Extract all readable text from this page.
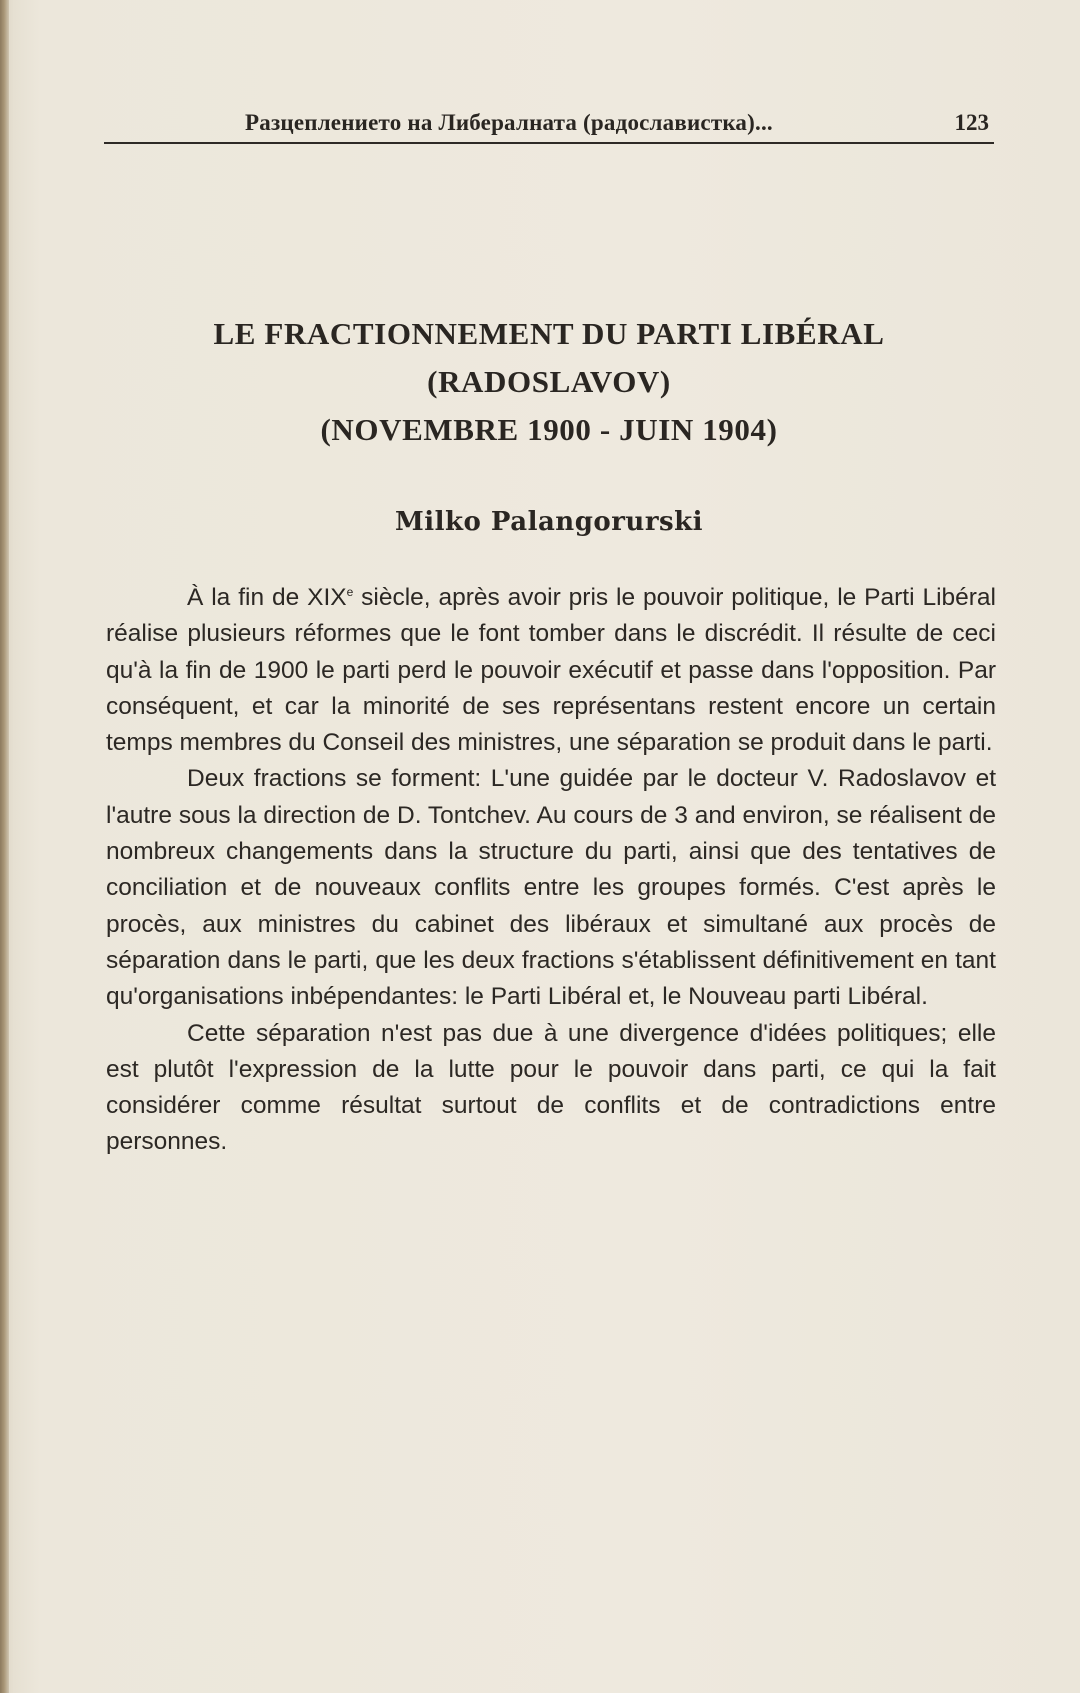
Разцеплението на Либералната (радославистка)...	123
LE FRACTIONNEMENT DU PARTI LIBÉRAL
(RADOSLAVOV)
(NOVEMBRE 1900 - JUIN 1904)
Milko Palangorurski

À la fin de XIXe siècle, après avoir pris le pouvoir politique, le Parti Libéral réalise plusieurs réformes que le font tomber dans le discrédit. Il résulte de ceci qu'à la fin de 1900 le parti perd le pouvoir exécutif et passe dans l'opposition. Par conséquent, et car la minorité de ses représentans restent encore un certain temps membres du Conseil des ministres, une séparation se produit dans le parti.

Deux fractions se forment: L'une guidée par le docteur V. Radoslavov et l'autre sous la direction de D. Tontchev. Au cours de 3 and environ, se réalisent de nombreux changements dans la structure du parti, ainsi que des tentatives de conciliation et de nouveaux conflits entre les groupes formés. C'est après le procès, aux ministres du cabinet des libéraux et simultané aux procès de séparation dans le parti, que les deux fractions s'établissent définitivement en tant qu'organisations inbépendantes: le Parti Libéral et, le Nouveau parti Libéral.

Cette séparation n'est pas due à une divergence d'idées politiques; elle est plutôt l'expression de la lutte pour le pouvoir dans parti, ce qui la fait considérer comme résultat surtout de conflits et de contradictions entre personnes.
